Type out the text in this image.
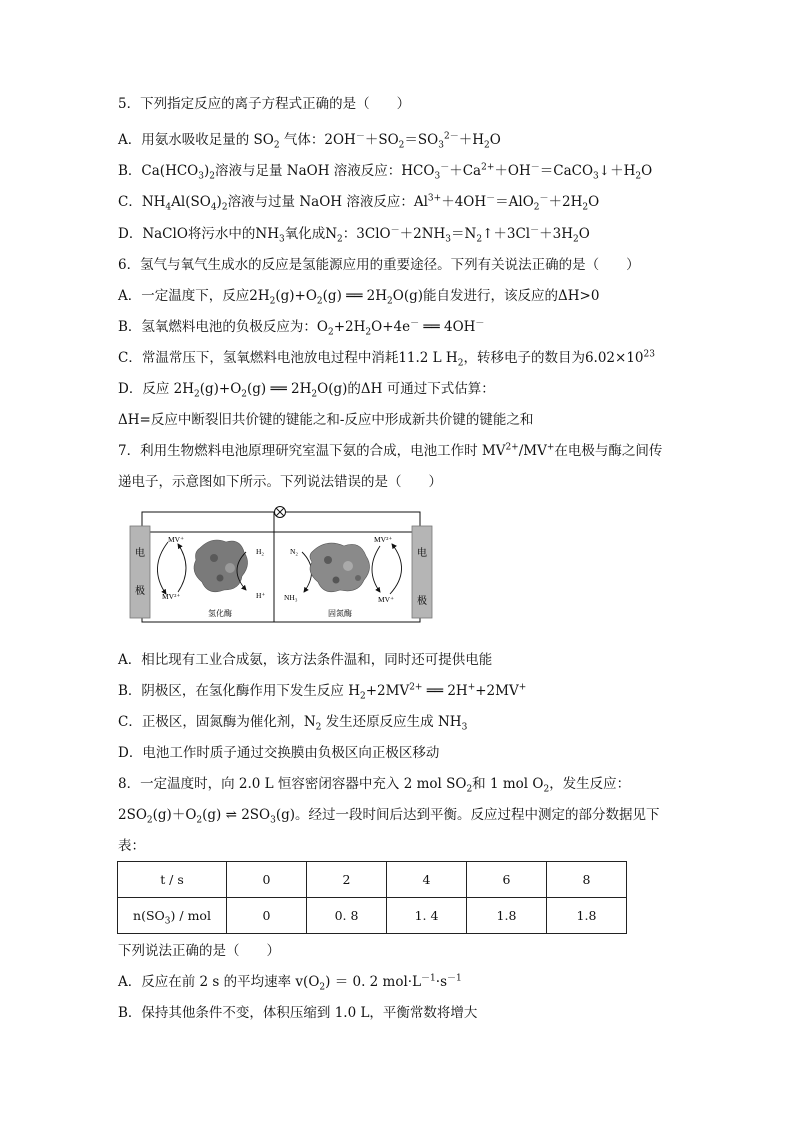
5．下列指定反应的离子方程式正确的是（　　）
A．用氨水吸收足量的 $SO_2$ 气体：$2OH^-+SO_2=SO_3^{2-}+H_2O$
B．$Ca(HCO_3)_2$溶液与足量 NaOH 溶液反应：$HCO_3^-+Ca^{2+}+OH^-=CaCO_3↓+H_2O$
C．$NH_4Al(SO_4)_2$溶液与过量 NaOH 溶液反应：$Al^{3+}+4OH^-=AlO_2^-+2H_2O$
D．NaClO将污水中的$NH_3$氧化成$N_2$：$3ClO^-+2NH_3=N_2↑+3Cl^-+3H_2O$
6．氢气与氧气生成水的反应是氢能源应用的重要途径。下列有关说法正确的是（　　）
A．一定温度下，反应$2H_2(g)+O_2(g)$ ══ $2H_2O(g)$能自发进行，该反应的ΔH>0
B．氢氧燃料电池的负极反应为：$O_2+2H_2O+4e^-$ ══ 4OH－
C．常温常压下，氢氧燃料电池放电过程中消耗11.2 L $H_2$，转移电子的数目为$6.02\times 10^{23}$
D．反应 $2H_2(g)+O_2(g)$ ══ $2H_2O(g)$的ΔH 可通过下式估算：
ΔH=反应中断裂旧共价键的键能之和-反应中形成新共价键的键能之和
7．利用生物燃料电池原理研究室温下氨的合成，电池工作时 $MV^{2+}/MV^+$在电极与酶之间传
递电子，示意图如下所示。下列说法错误的是（　　）
电
极
电
极
MV⁺
MV²⁺
H₂
H⁺
氢化酶
N₂
NH₃
MV²⁺
MV⁺
固氮酶
A．相比现有工业合成氨，该方法条件温和，同时还可提供电能
B．阴极区，在氢化酶作用下发生反应 $H_2+2MV^{2+}$ ══ 2H++2MV+
C．正极区，固氮酶为催化剂，$N_2$ 发生还原反应生成 $NH_3$
D．电池工作时质子通过交换膜由负极区向正极区移动
8．一定温度时，向 2.0 L 恒容密闭容器中充入 2 mol $SO_2$和 1 mol $O_2$，发生反应：
$2SO_2(g)+O_2(g)$ ⇌ $2SO_3(g)$。经过一段时间后达到平衡。反应过程中测定的部分数据见下
表：
t / s	0	2	4	6	8
$n(SO_3)$ / mol	0	0. 8	1. 4	1.8	1.8
下列说法正确的是（　　）
A．反应在前 2 s 的平均速率 $v(O_2) = 0$. 2 $mol\cdot L^{-1}\cdot s^{-1}$
B．保持其他条件不变，体积压缩到 1.0 L，平衡常数将增大
